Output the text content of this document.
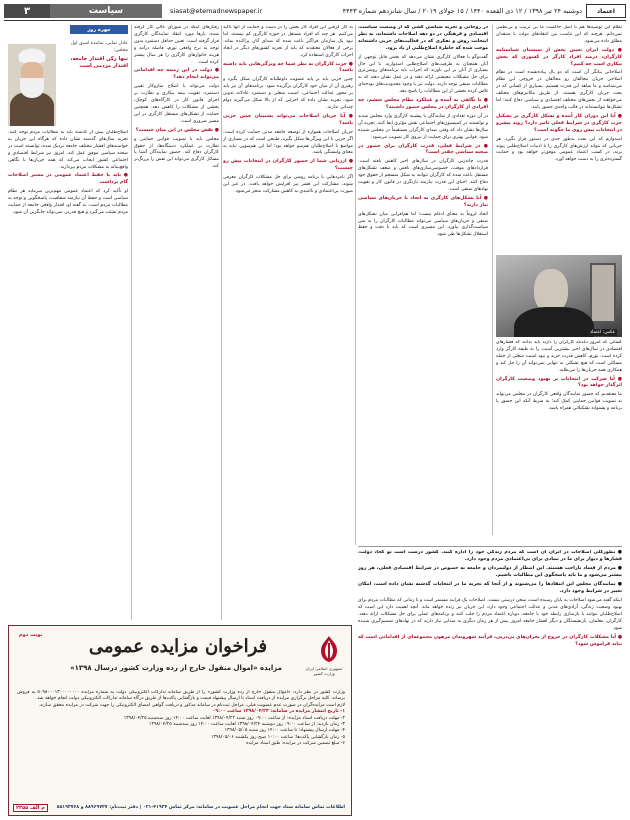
٣	سیاست	siasat@etemadnewspaper.ir	دوشنبه ۲۴ تیر ۱۳۹۸ / ۱۲ ذی القعده ۱۴۴۰ / ۱۵ جولای ۲۰۱۹ / سال شانزدهم شماره ۴۴۴۳	اعتماد

نظام این توصیه‌ها هم با اصل حاکمیت ما بی‌ ترتیب و بی‌‌نظمی نمی‌دانم. هرچند که این تناسب بین انتقادهای دولت با منتقدان مطلق داده می‌شود.

● دولت ایران تعیین بخش از سیستان‌ شناسنامه کارگران، درصد افراد کارگر در کشوری که بخش بیکاری است چه کنیم؟

اصلاحاتی بیانگر آن است که دو بال پیاده‌نشده است در نظام اصلاحی جریان مخالفان رو مخالفان در خروجی این نظام می‌شناسد و ما شاهد این قدرت هستیم. بسیاری از کسانی که در بحث جریان کارگری هستند، از طریق مکانیزم‌های مختلف می‌خواهند از بخش‌های مختلف اقتصادی و سیاسی دفاع کنند؛ اما تشکل‌ها نتوانسته‌اند در قالب واحدی حضور یابند.

● آیا این دوران کار آینده و تشکل کارگری بر تشکیل حزب کارگری در شرایط فعلی تاثیر دارد؟ روند پیشرو در انتخابات پیش روی ما چگونه است؟

امیدوارم که این بحث به‌طور جدی در دستور قرار بگیرد. هر جریانی که بتواند ارزش‌های کارگری را با ادبیات اصلاح‌طلبی پیوند بزند، در کسب اعتماد عمومی موفق‌تر خواهد بود و حمایت گسترده‌تری را به دست خواهد آورد.

عکس: اعتماد

کسانی که امروز دغدغه کارگران را دارند باید بدانند که فشارهای اقتصادی در سال‌های اخیر بیشترین آسیب را به طبقه کارگر وارد کرده است. تورم، کاهش قدرت خرید و نبود امنیت شغلی از جمله مسائلی است که هیچ تشکلی به تنهایی نمی‌تواند آن را حل کند و همکاری همه جریان‌ها را می‌طلبد.

● آیا شرکت در انتخابات بر بهبود وضعیت کارگران اثرگذار خواهد بود؟

ما معتقدیم که حضور نمایندگان واقعی کارگران در مجلس می‌تواند به تصویب قوانین حمایتی کمک کند؛ به شرط آنکه این حضور با برنامه و پشتوانه تشکیلاتی همراه باشد.

در روحانی و تجربه سیاسی کشی که از وضعیت سیاست، اقتصادی و فرهنگی در دو دهه اصلاحات داشته‌اند، به نظر اینجانب روش و تفکری که در فعالیت‌های حزبی داشته‌اند موجب شده که خاطرهٔ اصلاح‌طلبی از یاد برود.

گفت‌وگو با فعالان کارگری نشان می‌دهد که بخش قابل توجهی از آنان همچنان به ظرفیت‌های اصلاح‌طلبی امیدوارند. با این حال بسیاری از آنان بر این باورند که احزاب باید برنامه‌های روشن‌تری برای حل مشکلات معیشتی ارائه دهند و در عمل نشان دهند که به مطالبات صنفی توجه دارند. دولت نیز با وجود محدودیت‌های بودجه‌ای تلاش کرده بخشی از این مطالبات را پاسخ دهد.

● با نگاهی به آینده و عملکرد نظام مجلس ششم، چه افرادی از کارگران در مجلس حضور داشتند؟

در آن دوره تعدادی از نمایندگان با پیشینه کارگری وارد مجلس شدند و توانستند در کمیسیون‌های اجتماعی نقش مؤثری ایفا کنند. تجربه آن سال‌ها نشان داد که وقتی صدای کارگران مستقیماً در مجلس شنیده شود، قوانین بهتری برای حمایت از نیروی کار تصویب می‌شود.

● در شرایط فعلی، قدرت کارگران برای حضور در صحنه سیاسی چقدر است؟

قدرت چانه‌زنی کارگران در سال‌های اخیر کاهش یافته است. قراردادهای موقت، خصوصی‌سازی‌های ناقص و ضعف تشکل‌های مستقل باعث شده که کارگران نتوانند به شکل منسجم از حقوق خود دفاع کنند. احیای این قدرت نیازمند بازنگری در قانون کار و تقویت نهادهای صنفی است.

● آیا تشکل‌های کارگری به اتحاد با جریان‌های سیاسی نیاز دارند؟

اتحاد لزوماً به معنای ادغام نیست؛ اما هم‌افزایی میان تشکل‌های صنفی و جریان‌های سیاسی می‌تواند مطالبات کارگران را به متن سیاست‌گذاری بیاورد. این مسیری است که باید با دقت و حفظ استقلال تشکل‌ها طی شود.

به کار گرفتن این افراد کار بخش را در دست و حمایت از آنها تأکید می‌کنیم. هر چند که افراد مستقل در حوزه کارگری کم نیستند، اما نبود یک سازمان فراگیر باعث شده که صدای آنان پراکنده بماند. برخی از فعالان معتقدند که باید از تجربه کشورهای دیگر در ایجاد احزاب کارگری استفاده کرد.

● حزب کارگران به نظر شما چه ویژگی‌هایی باید داشته باشد؟

چنین حزبی باید بر پایه عضویت داوطلبانه کارگران شکل بگیرد و رهبری آن از میان خود کارگران برگزیده شود. برنامه‌های آن نیز باید بر محور عدالت اجتماعی، امنیت شغلی و دستمزد عادلانه تدوین شود. تجربه نشان داده که احزابی که از بالا شکل می‌گیرند دوام چندانی ندارند.

● آیا جریان اصلاحات می‌تواند پشتیبان چنین حزبی باشد؟

جریان اصلاحات همواره از توسعه جامعه مدنی حمایت کرده است. اگر حزبی با این ویژگی‌ها شکل بگیرد، طبیعی است که در بسیاری از مواضع با اصلاح‌طلبان هم‌سو خواهد بود؛ اما این هم‌سویی نباید به معنای وابستگی باشد.

● ارزیابی شما از حضور کارگران در انتخابات پیش رو چیست؟

اگر نامزدهایی با برنامه روشن برای حل مشکلات کارگران معرفی شوند، مشارکت این قشر نیز افزایش خواهد یافت. در غیر این صورت بی‌اعتمادی و ناامیدی به کاهش مشارکت منجر می‌شود.

رفتارهای اینکه در شورای عالی کار گرفته شده، بارها مورد انتقاد نمایندگان کارگری قرار گرفته است. تعیین حداقل دستمزد بدون توجه به نرخ واقعی تورم، فاصله درآمد و هزینه خانوارهای کارگری را هر سال بیشتر کرده است.

● دولت در این زمینه چه اقداماتی می‌تواند انجام دهد؟

دولت می‌تواند با اصلاح سازوکار تعیین دستمزد، تقویت بیمه بیکاری و نظارت بر اجرای قانون کار در کارگاه‌های کوچک، بخشی از مشکلات را کاهش دهد. همچنین حمایت از تشکل‌های مستقل کارگری در این مسیر ضروری است.

● نقش مجلس در این میان چیست؟

مجلس باید با تصویب قوانین حمایتی و نظارت بر عملکرد دستگاه‌ها، از حقوق کارگران دفاع کند. حضور نمایندگان آشنا با مسائل کارگری می‌تواند این نقش را پررنگ‌تر کند.

چهره روز
عادل نمایی، نماینده اسبق اول مجلس:
تنها رکن اقتدار جامعه، اقتدار مردمی است

اصلاح‌طلبان بیش از گذشته باید به مطالبات مردم توجه کنند. تجربه سال‌های گذشته نشان داده که هرگاه این جریان به خواسته‌های اقشار مختلف جامعه نزدیک شده، توانسته است در صحنه سیاسی موفق عمل کند. امروز نیز شرایط اقتصادی و اجتماعی کشور ایجاب می‌کند که همه جریان‌ها با نگاهی واقع‌بینانه به مشکلات مردم بپردازند.

● باید با حفظ اعتماد عمومی در مسیر اصلاحات گام برداشت

او تأکید کرد که اعتماد عمومی مهم‌ترین سرمایه هر نظام سیاسی است و حفظ آن نیازمند شفافیت، پاسخگویی و توجه به مطالبات مردم است. به گفته او، اقتدار واقعی جامعه از حمایت مردم نشئت می‌گیرد و هیچ قدرتی نمی‌تواند جایگزین آن شود.

● بطورکلی اصلاحات در ایران آن است که مردم زندگی خود را اداره کنند. کشور درست است تو کجا، دولت، فشارها و دیوار برای ما در بنیادی برای بی‌اعتمادی مردم وجود دارد.
● مردم از فساد ناراحت هستند. این انتظار از دولتمردان و جامعه به خصوص در شرایط اقتصادی فعلی، هر روز بیشتر می‌شود و ما باید پاسخگوی این مطالبات باشیم.
● نمایندگان مجلس این انتقادها را می‌شنوند و از آنجا که تجربه ما در انتخابات گذشته نشان داده است، امکان تغییر در شرایط وجود دارد.

اینکه گفته می‌شود اصلاحات به پایان رسیده است، سخن درستی نیست. اصلاحات یک فرایند مستمر است و تا زمانی که مطالبات مردم برای بهبود وضعیت زندگی، آزادی‌های مدنی و عدالت اجتماعی وجود دارد، این جریان نیز زنده خواهد ماند. آنچه اهمیت دارد این است که اصلاح‌طلبان بتوانند با بازسازی رابطه خود با جامعه، دوباره اعتماد مردم را جلب کنند و برنامه‌های عملی برای حل مشکلات ارائه دهند. کارگران، معلمان، بازنشستگان و دیگر اقشار جامعه امروز بیش از هر زمان دیگری به صدایی نیاز دارند که در نهادهای تصمیم‌گیری شنیده شود.

● آیا مشکلات کارگران در خروج از بحران‌های پی‌درپی، فرآیند شهروندان مرهون مجموعه‌ای از اقداماتی است که نباید فراموش شود؟
جمهوری اسلامی ایران وزارت کشور
نوبت دوم
فراخوان مزایده عمومی
مزایده «اموال منقول خارج از رده وزارت کشور درسال ۱۳۹۸»

وزارت کشور در نظر دارد، «اموال منقول خارج از رده وزارت کشور» را از طریق سامانه تدارکات الکترونیکی دولت به شماره مزایده ۵۰۹۸۰۰۰۱۳۰۰۰۰۰۰۰۰ به فروش برساند. کلیه مراحل برگزاری مزایده از دریافت اسناد تا ارسال پیشنهاد قیمت و بازگشایی پاکت‌ها از طریق درگاه سامانه تدارکات الکترونیکی دولت انجام خواهد شد.

لازم است مزایده‌گران در صورت عدم عضویت قبلی، مراحل ثبت‌نام در سامانه مذکور و دریافت گواهی امضای الکترونیکی را جهت شرکت در مزایده محقق سازند.

۱- تاریخ انتشار مزایده در سامانه: ۱۳۹۸/۰۴/۲۲ ساعت ۰۹:۰۰

۲- مهلت دریافت اسناد مزایده: از ساعت ۰۹:۰۰ روز شنبه ۱۳۹۸/۰۴/۲۲ لغایت ساعت ۱۴:۰۰ روز سه‌شنبه ۱۳۹۸/۰۴/۲۵

۳- زمان بازدید: از ساعت ۰۹:۰۰ روز دوشنبه ۱۳۹۸/۰۴/۲۴ لغایت ساعت ۱۴:۰۰ روز سه‌شنبه ۱۳۹۸/۰۴/۲۵

۴- مهلت ارسال پیشنهاد: تا ساعت ۱۴:۰۰ روز شنبه ۱۳۹۸/۰۵/۰۵

۵- زمان بازگشایی پاکت‌ها: ساعت ۱۰:۰۰ صبح روز یکشنبه ۱۳۹۸/۰۵/۰۶

۶- مبلغ تضمین شرکت در مزایده: طبق اسناد مزایده

اطلاعات تماس سامانه ستاد جهت انجام مراحل عضویت در سامانه: مرکز تماس ۴۱۹۳۴-۰۲۱ | دفتر ثبت‌نام: ۸۸۹۶۹۷۳۷ و ۸۵۱۹۳۷۶۸
م الف ۲۳۵۵
